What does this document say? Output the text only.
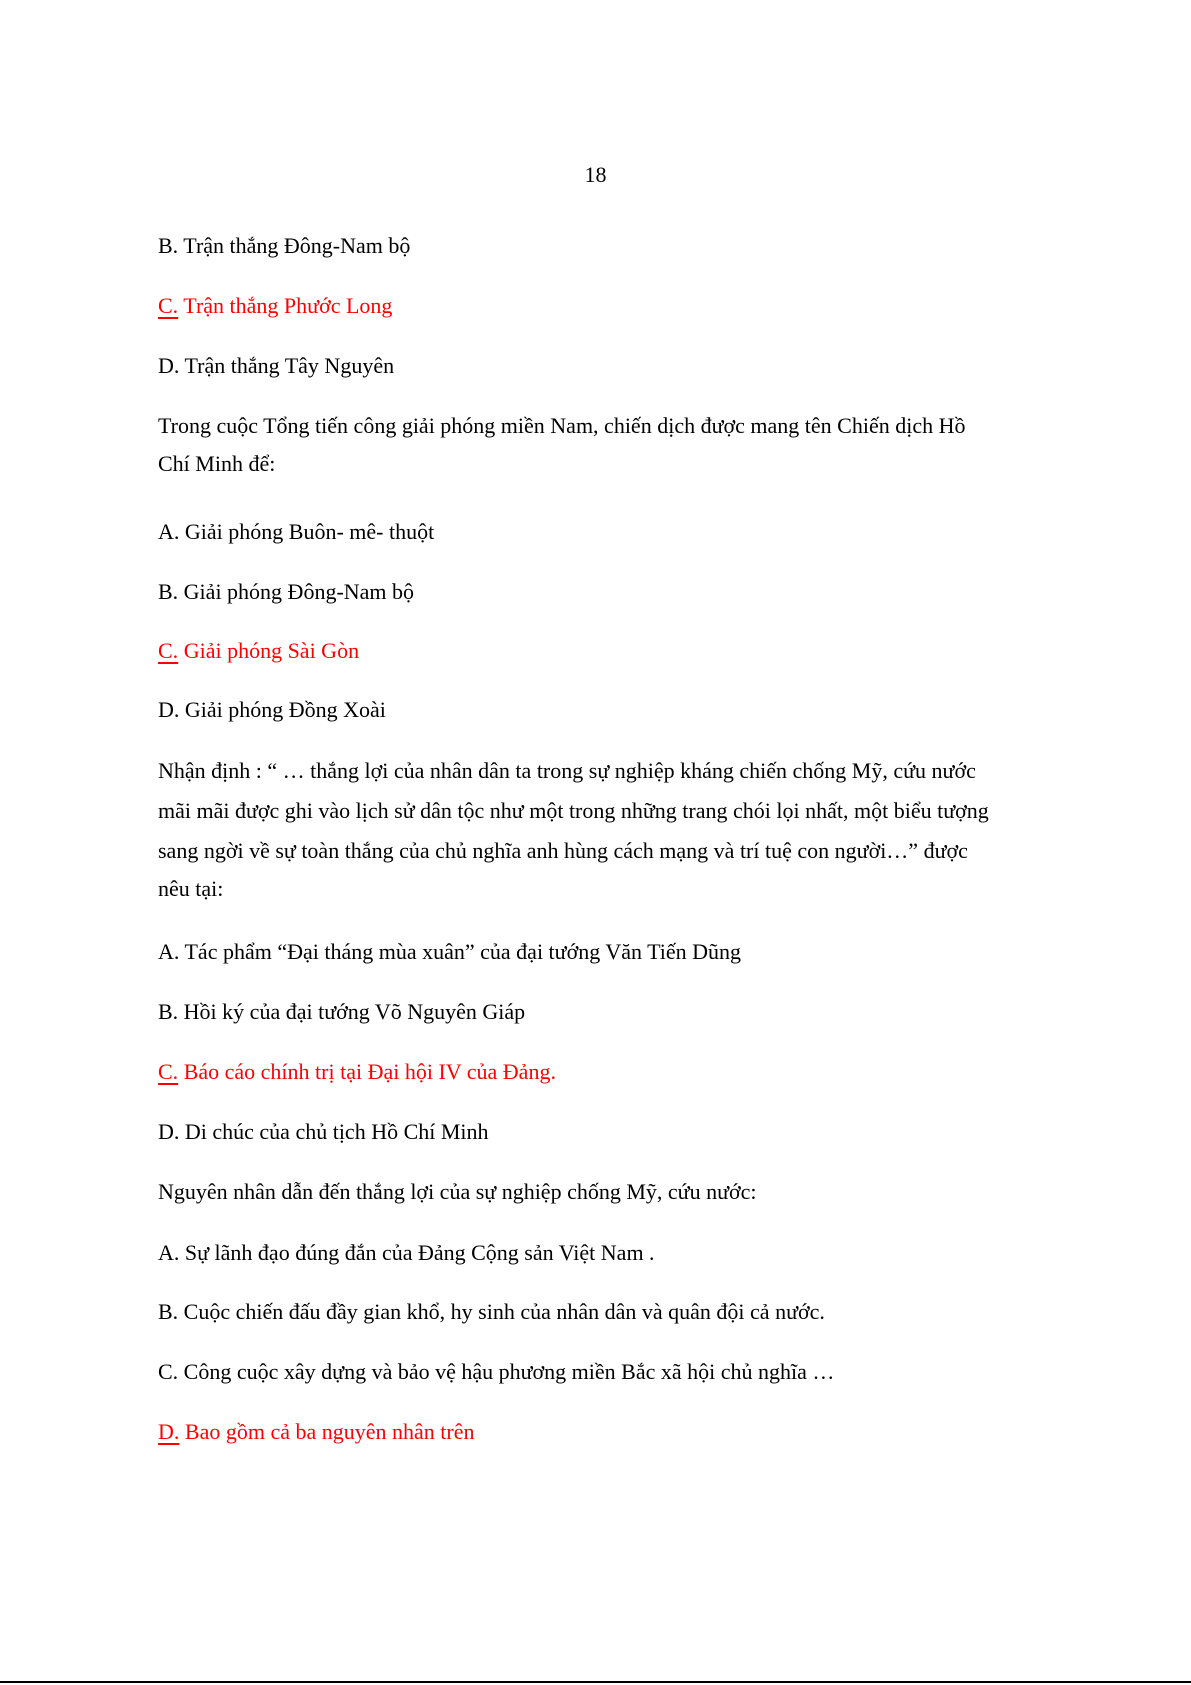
18
B. Trận thắng Đông-Nam bộ
C. Trận thắng Phước Long
D. Trận thắng Tây Nguyên
Trong cuộc Tổng tiến công giải phóng miền Nam, chiến dịch được mang tên Chiến dịch Hồ
Chí Minh để:
A. Giải phóng Buôn- mê- thuột
B. Giải phóng Đông-Nam bộ
C. Giải phóng Sài Gòn
D. Giải phóng Đồng Xoài
Nhận định : “ … thắng lợi của nhân dân ta trong sự nghiệp kháng chiến chống Mỹ, cứu nước
mãi mãi được ghi vào lịch sử dân tộc như một trong những trang chói lọi nhất, một biểu tượng
sang ngời về sự toàn thắng của chủ nghĩa anh hùng cách mạng và trí tuệ con người…” được
nêu tại:
A. Tác phẩm “Đại tháng mùa xuân” của đại tướng Văn Tiến Dũng
B. Hồi ký của đại tướng Võ Nguyên Giáp
C. Báo cáo chính trị tại Đại hội IV của Đảng.
D. Di chúc của chủ tịch Hồ Chí Minh
Nguyên nhân dẫn đến thắng lợi của sự nghiệp chống Mỹ, cứu nước:
A. Sự lãnh đạo đúng đắn của Đảng Cộng sản Việt Nam .
B. Cuộc chiến đấu đầy gian khổ, hy sinh của nhân dân và quân đội cả nước.
C. Công cuộc xây dựng và bảo vệ hậu phương miền Bắc xã hội chủ nghĩa …
D. Bao gồm cả ba nguyên nhân trên
